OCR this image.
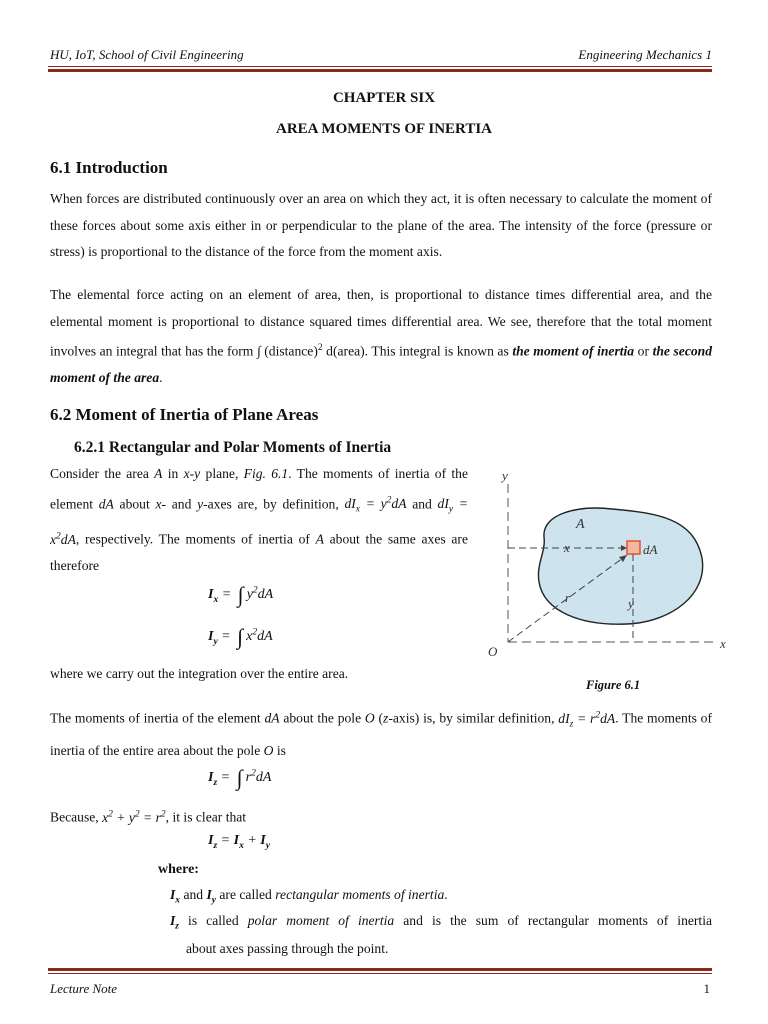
HU, IoT, School of Civil Engineering	Engineering Mechanics 1
CHAPTER SIX
AREA MOMENTS OF INERTIA
6.1 Introduction
When forces are distributed continuously over an area on which they act, it is often necessary to calculate the moment of these forces about some axis either in or perpendicular to the plane of the area. The intensity of the force (pressure or stress) is proportional to the distance of the force from the moment axis.
The elemental force acting on an element of area, then, is proportional to distance times differential area, and the elemental moment is proportional to distance squared times differential area. We see, therefore that the total moment involves an integral that has the form ∫ (distance)$^2$ d(area). This integral is known as the moment of inertia or the second moment of the area.
6.2 Moment of Inertia of Plane Areas
6.2.1 Rectangular and Polar Moments of Inertia
Consider the area A in x-y plane, Fig. 6.1. The moments of inertia of the element dA about x- and y-axes are, by definition, $dI_x = y^2dA$ and $dI_y = x^2dA$, respectively. The moments of inertia of A about the same axes are therefore
$I_x$ = ∫ $y^2dA$
$I_y$ = ∫ $x^2dA$
where we carry out the integration over the entire area.
y
x
O
A
x
y
r
dA
Figure 6.1
The moments of inertia of the element dA about the pole O (z-axis) is, by similar definition, $dI_z = r^2dA$. The moments of inertia of the entire area about the pole O is
$I_z$ = ∫ $r^2dA$
Because, $x^2 + y^2 = r^2$, it is clear that
$I_z = I_x + I_y$
where:
$I_x$ and $I_y$ are called rectangular moments of inertia.
$I_z$ is called polar moment of inertia and is the sum of rectangular moments of inertia
about axes passing through the point.
Lecture Note	1
